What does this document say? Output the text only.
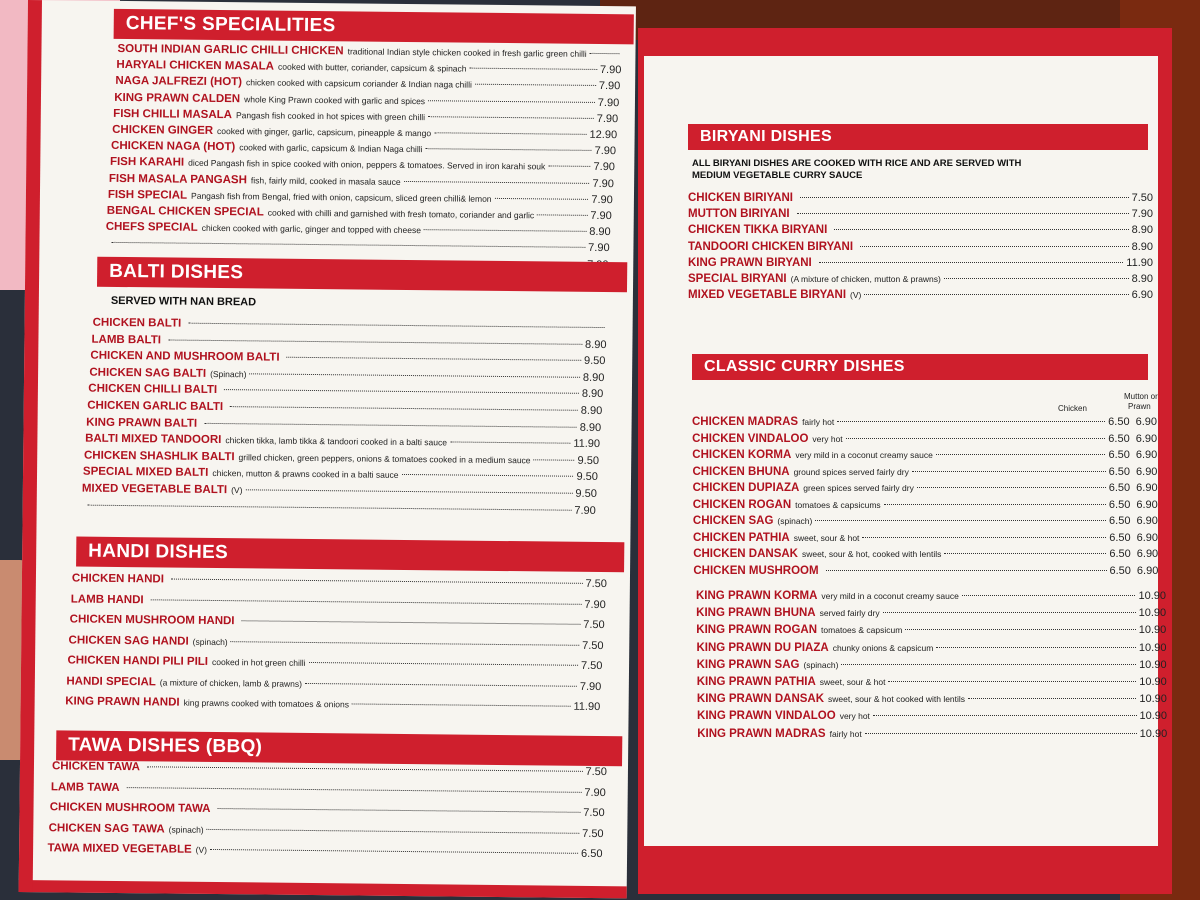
CHEF'S SPECIALITIES
SOUTH INDIAN GARLIC CHILLI CHICKEN traditional Indian style chicken cooked in fresh garlic green chilli
HARYALI CHICKEN MASALA cooked with butter, coriander, capsicum & spinach	7.90
NAGA JALFREZI (HOT) chicken cooked with capsicum coriander & Indian naga chilli	7.90
KING PRAWN CALDEN whole King Prawn cooked with garlic and spices	7.90
FISH CHILLI MASALA Pangash fish cooked in hot spices with green chilli	7.90
CHICKEN GINGER cooked with ginger, garlic, capsicum, pineapple & mango	12.90
CHICKEN NAGA (HOT) cooked with garlic, capsicum & Indian Naga chilli	7.90
FISH KARAHI diced Pangash fish in spice cooked with onion, peppers & tomatoes. Served in iron karahi souk	7.90
FISH MASALA PANGASH fish, fairly mild, cooked in masala sauce	7.90
FISH SPECIAL Pangash fish from Bengal, fried with onion, capsicum, sliced green chilli& lemon	7.90
BENGAL CHICKEN SPECIAL cooked with chilli and garnished with fresh tomato, coriander and garlic	7.90
CHEFS SPECIAL chicken cooked with garlic, ginger and topped with cheese	8.90
7.90
BALTI DISHES
SERVED WITH NAN BREAD
CHICKEN BALTI
LAMB BALTI	8.90
CHICKEN AND MUSHROOM BALTI	9.50
CHICKEN SAG BALTI (Spinach)	8.90
CHICKEN CHILLI BALTI	8.90
CHICKEN GARLIC BALTI	8.90
KING PRAWN BALTI	8.90
BALTI MIXED TANDOORI chicken tikka, lamb tikka & tandoori cooked in a balti sauce	11.90
CHICKEN SHASHLIK BALTI grilled chicken, green peppers, onions & tomatoes cooked in a medium sauce	9.50
SPECIAL MIXED BALTI chicken, mutton & prawns cooked in a balti sauce	9.50
MIXED VEGETABLE BALTI (V)	9.50
7.90
HANDI DISHES
CHICKEN HANDI	7.50
LAMB HANDI	7.90
CHICKEN MUSHROOM HANDI	7.50
CHICKEN SAG HANDI (spinach)	7.50
CHICKEN HANDI PILI PILI cooked in hot green chilli	7.50
HANDI SPECIAL (a mixture of chicken, lamb & prawns)	7.90
KING PRAWN HANDI king prawns cooked with tomatoes & onions	11.90
TAWA DISHES (BBQ)
CHICKEN TAWA	7.50
LAMB TAWA	7.90
CHICKEN MUSHROOM TAWA	7.50
CHICKEN SAG TAWA (spinach)	7.50
TAWA MIXED VEGETABLE (V)	6.50
BIRYANI DISHES
ALL BIRYANI DISHES ARE COOKED WITH RICE AND ARE SERVED WITH
MEDIUM VEGETABLE CURRY SAUCE
CHICKEN BIRIYANI	7.50
MUTTON BIRIYANI	7.90
CHICKEN TIKKA BIRYANI	8.90
TANDOORI CHICKEN BIRYANI	8.90
KING PRAWN BIRYANI	11.90
SPECIAL BIRYANI (A mixture of chicken, mutton & prawns)	8.90
MIXED VEGETABLE BIRYANI (V)	6.90
CLASSIC CURRY DISHES
Chicken
Mutton or
Prawn
CHICKEN MADRAS fairly hot	6.50 6.90
CHICKEN VINDALOO very hot	6.50 6.90
CHICKEN KORMA very mild in a coconut creamy sauce	6.50 6.90
CHICKEN BHUNA ground spices served fairly dry	6.50 6.90
CHICKEN DUPIAZA green spices served fairly dry	6.50 6.90
CHICKEN ROGAN tomatoes & capsicums	6.50 6.90
CHICKEN SAG (spinach)	6.50 6.90
CHICKEN PATHIA sweet, sour & hot	6.50 6.90
CHICKEN DANSAK sweet, sour & hot, cooked with lentils	6.50 6.90
CHICKEN MUSHROOM	6.50 6.90
KING PRAWN KORMA very mild in a coconut creamy sauce	10.90
KING PRAWN BHUNA served fairly dry	10.90
KING PRAWN ROGAN tomatoes & capsicum	10.90
KING PRAWN DU PIAZA chunky onions & capsicum	10.90
KING PRAWN SAG (spinach)	10.90
KING PRAWN PATHIA sweet, sour & hot	10.90
KING PRAWN DANSAK sweet, sour & hot cooked with lentils	10.90
KING PRAWN VINDALOO very hot	10.90
KING PRAWN MADRAS fairly hot	10.90
